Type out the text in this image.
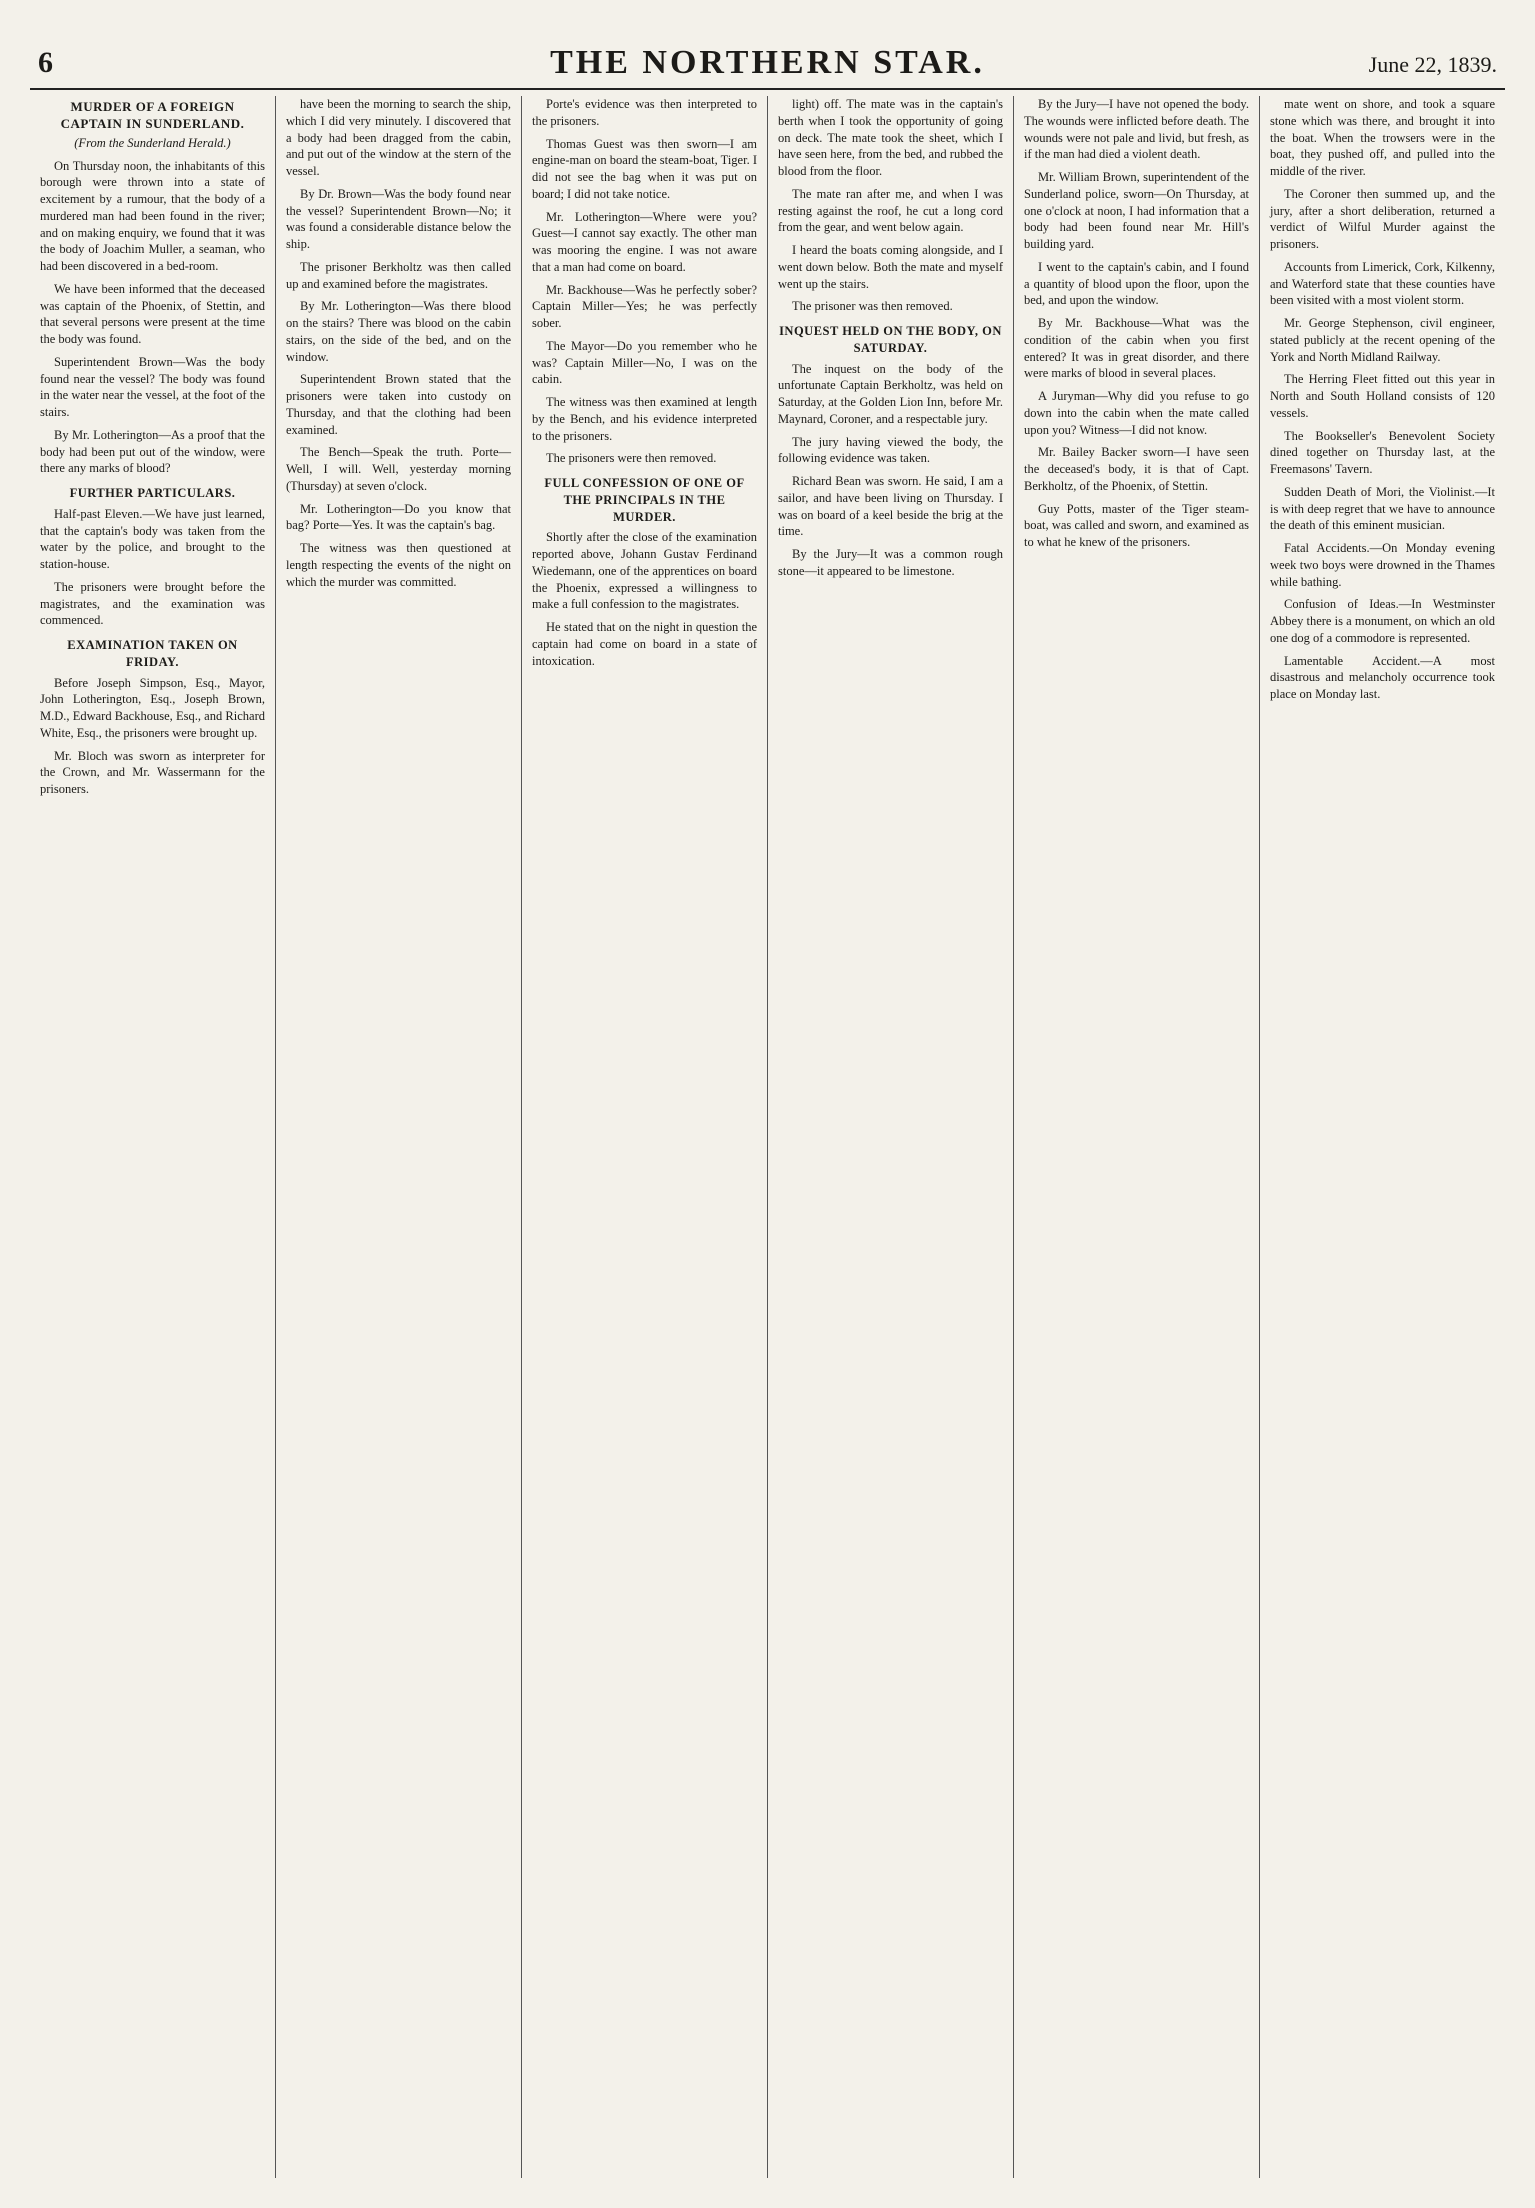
6	THE NORTHERN STAR.	June 22, 1839.
MURDER OF A FOREIGN CAPTAIN IN SUNDERLAND.
(From the Sunderland Herald.)

On Thursday noon, the inhabitants of this borough were thrown into a state of excitement by a rumour, that the body of a murdered man had been found in the river; and on making enquiry, we found that it was the body of Joachim Muller, a seaman, who had been discovered in a bed-room.

We have been informed that the deceased was captain of the Phoenix, of Stettin, and that several persons were present at the time the body was found.

Superintendent Brown—Was the body found near the vessel? The body was found in the water near the vessel, at the foot of the stairs.

By Mr. Lotherington—As a proof that the body had been put out of the window, were there any marks of blood?

FURTHER PARTICULARS.

Half-past Eleven.—We have just learned, that the captain's body was taken from the water by the police, and brought to the station-house.

The prisoners were brought before the magistrates, and the examination was commenced.

EXAMINATION TAKEN ON FRIDAY.

Before Joseph Simpson, Esq., Mayor, John Lotherington, Esq., Joseph Brown, M.D., Edward Backhouse, Esq., and Richard White, Esq., the prisoners were brought up.

Mr. Bloch was sworn as interpreter for the Crown, and Mr. Wassermann for the prisoners.

have been the morning to search the ship, which I did very minutely. I discovered that a body had been dragged from the cabin, and put out of the window at the stern of the vessel.

By Dr. Brown—Was the body found near the vessel? Superintendent Brown—No; it was found a considerable distance below the ship.

The prisoner Berkholtz was then called up and examined before the magistrates.

By Mr. Lotherington—Was there blood on the stairs? There was blood on the cabin stairs, on the side of the bed, and on the window.

Superintendent Brown stated that the prisoners were taken into custody on Thursday, and that the clothing had been examined.

The Bench—Speak the truth. Porte—Well, I will. Well, yesterday morning (Thursday) at seven o'clock.

Mr. Lotherington—Do you know that bag? Porte—Yes. It was the captain's bag.

The witness was then questioned at length respecting the events of the night on which the murder was committed.

Porte's evidence was then interpreted to the prisoners.

Thomas Guest was then sworn—I am engine-man on board the steam-boat, Tiger. I did not see the bag when it was put on board; I did not take notice.

Mr. Lotherington—Where were you? Guest—I cannot say exactly. The other man was mooring the engine. I was not aware that a man had come on board.

Mr. Backhouse—Was he perfectly sober? Captain Miller—Yes; he was perfectly sober.

The Mayor—Do you remember who he was? Captain Miller—No, I was on the cabin.

The witness was then examined at length by the Bench, and his evidence interpreted to the prisoners.

The prisoners were then removed.

FULL CONFESSION OF ONE OF THE PRINCIPALS IN THE MURDER.

Shortly after the close of the examination reported above, Johann Gustav Ferdinand Wiedemann, one of the apprentices on board the Phoenix, expressed a willingness to make a full confession to the magistrates.

He stated that on the night in question the captain had come on board in a state of intoxication.

light) off. The mate was in the captain's berth when I took the opportunity of going on deck. The mate took the sheet, which I have seen here, from the bed, and rubbed the blood from the floor.

The mate ran after me, and when I was resting against the roof, he cut a long cord from the gear, and went below again.

I heard the boats coming alongside, and I went down below. Both the mate and myself went up the stairs.

The prisoner was then removed.

INQUEST HELD ON THE BODY, ON SATURDAY.

The inquest on the body of the unfortunate Captain Berkholtz, was held on Saturday, at the Golden Lion Inn, before Mr. Maynard, Coroner, and a respectable jury.

The jury having viewed the body, the following evidence was taken.

Richard Bean was sworn. He said, I am a sailor, and have been living on Thursday. I was on board of a keel beside the brig at the time.

By the Jury—It was a common rough stone—it appeared to be limestone.

By the Jury—I have not opened the body. The wounds were inflicted before death. The wounds were not pale and livid, but fresh, as if the man had died a violent death.

Mr. William Brown, superintendent of the Sunderland police, sworn—On Thursday, at one o'clock at noon, I had information that a body had been found near Mr. Hill's building yard.

I went to the captain's cabin, and I found a quantity of blood upon the floor, upon the bed, and upon the window.

By Mr. Backhouse—What was the condition of the cabin when you first entered? It was in great disorder, and there were marks of blood in several places.

A Juryman—Why did you refuse to go down into the cabin when the mate called upon you? Witness—I did not know.

Mr. Bailey Backer sworn—I have seen the deceased's body, it is that of Capt. Berkholtz, of the Phoenix, of Stettin.

Guy Potts, master of the Tiger steam-boat, was called and sworn, and examined as to what he knew of the prisoners.

mate went on shore, and took a square stone which was there, and brought it into the boat. When the trowsers were in the boat, they pushed off, and pulled into the middle of the river.

The Coroner then summed up, and the jury, after a short deliberation, returned a verdict of Wilful Murder against the prisoners.

Accounts from Limerick, Cork, Kilkenny, and Waterford state that these counties have been visited with a most violent storm.

Mr. George Stephenson, civil engineer, stated publicly at the recent opening of the York and North Midland Railway.

The Herring Fleet fitted out this year in North and South Holland consists of 120 vessels.

The Bookseller's Benevolent Society dined together on Thursday last, at the Freemasons' Tavern.

Sudden Death of Mori, the Violinist.—It is with deep regret that we have to announce the death of this eminent musician.

Fatal Accidents.—On Monday evening week two boys were drowned in the Thames while bathing.

Confusion of Ideas.—In Westminster Abbey there is a monument, on which an old one dog of a commodore is represented.

Lamentable Accident.—A most disastrous and melancholy occurrence took place on Monday last.
